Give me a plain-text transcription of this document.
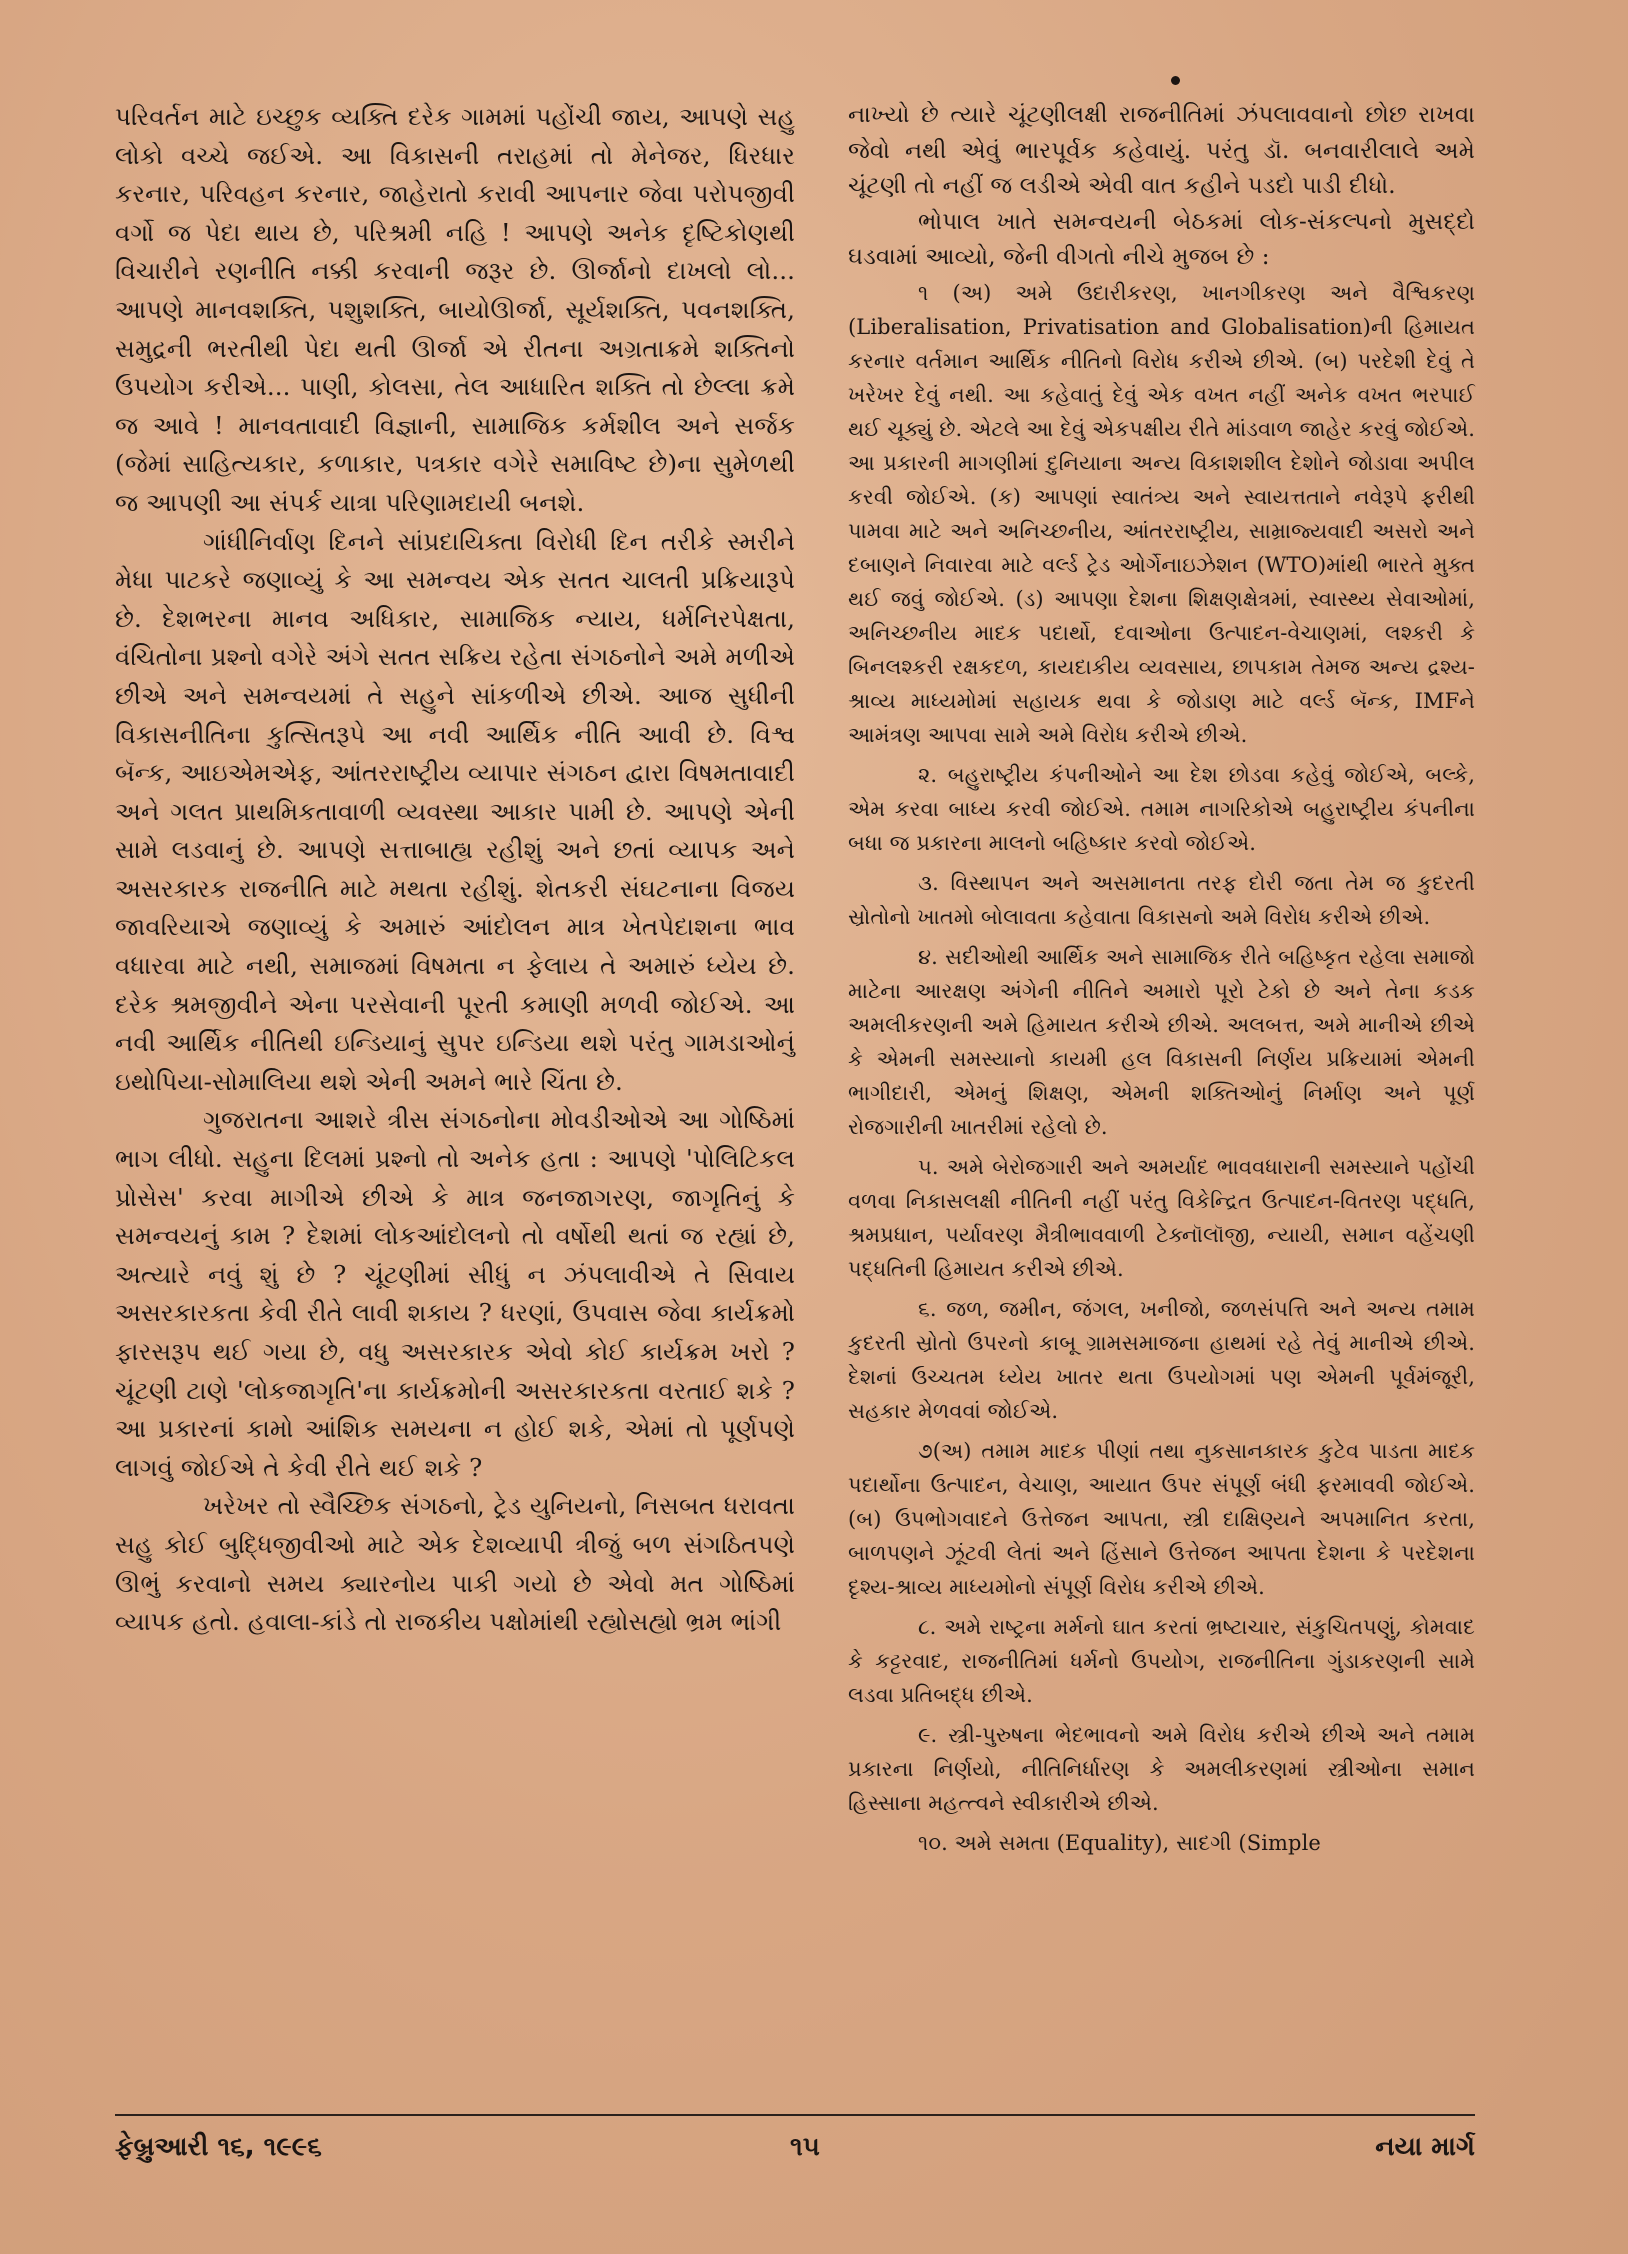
પરિવર્તન માટે ઇચ્છુક વ્યક્તિ દરેક ગામમાં પહોંચી જાય, આપણે સહુ લોકો વચ્ચે જઈએ. આ વિકાસની તરાહમાં તો મેનેજર, ધિરધાર કરનાર, પરિવહન કરનાર, જાહેરાતો કરાવી આપનાર જેવા પરોપજીવી વર્ગો જ પેદા થાય છે, પરિશ્રમી નહિ ! આપણે અનેક દૃષ્ટિકોણથી વિચારીને રણનીતિ નક્કી કરવાની જરૂર છે. ઊર્જાનો દાખલો લો... આપણે માનવશક્તિ, પશુશક્તિ, બાયોઊર્જા, સૂર્યશક્તિ, પવનશક્તિ, સમુદ્રની ભરતીથી પેદા થતી ઊર્જા એ રીતના અગ્રતાક્રમે શક્તિનો ઉપયોગ કરીએ... પાણી, કોલસા, તેલ આધારિત શક્તિ તો છેલ્લા ક્રમે જ આવે ! માનવતાવાદી વિજ્ઞાની, સામાજિક કર્મશીલ અને સર્જક (જેમાં સાહિત્યકાર, કળાકાર, પત્રકાર વગેરે સમાવિષ્ટ છે)ના સુમેળથી જ આપણી આ સંપર્ક યાત્રા પરિણામદાયી બનશે.

ગાંધીનિર્વાણ દિનને સાંપ્રદાયિક્તા વિરોધી દિન તરીકે સ્મરીને મેધા પાટકરે જણાવ્યું કે આ સમન્વય એક સતત ચાલતી પ્રક્રિયારૂપે છે. દેશભરના માનવ અધિકાર, સામાજિક ન્યાય, ધર્મનિરપેક્ષતા, વંચિતોના પ્રશ્નો વગેરે અંગે સતત સક્રિય રહેતા સંગઠનોને અમે મળીએ છીએ અને સમન્વયમાં તે સહુને સાંકળીએ છીએ. આજ સુધીની વિકાસનીતિના કુત્સિતરૂપે આ નવી આર્થિક નીતિ આવી છે. વિશ્વ બૅન્ક, આઇએમએફ, આંતરરાષ્ટ્રીય વ્યાપાર સંગઠન દ્વારા વિષમતાવાદી અને ગલત પ્રાથમિકતાવાળી વ્યવસ્થા આકાર પામી છે. આપણે એની સામે લડવાનું છે. આપણે સત્તાબાહ્ય રહીશું અને છતાં વ્યાપક અને અસરકારક રાજનીતિ માટે મથતા રહીશું. શેતકરી સંઘટનાના વિજય જાવરિયાએ જણાવ્યું કે અમારું આંદોલન માત્ર ખેતપેદાશના ભાવ વધારવા માટે નથી, સમાજમાં વિષમતા ન ફેલાય તે અમારું ધ્યેય છે. દરેક શ્રમજીવીને એના પરસેવાની પૂરતી કમાણી મળવી જોઈએ. આ નવી આર્થિક નીતિથી ઇન્ડિયાનું સુપર ઇન્ડિયા થશે પરંતુ ગામડાઓનું ઇથોપિયા-સોમાલિયા થશે એની અમને ભારે ચિંતા છે.

ગુજરાતના આશરે ત્રીસ સંગઠનોના મોવડીઓએ આ ગોષ્ઠિમાં ભાગ લીધો. સહુના દિલમાં પ્રશ્નો તો અનેક હતા : આપણે 'પોલિટિકલ પ્રોસેસ' કરવા માગીએ છીએ કે માત્ર જનજાગરણ, જાગૃતિનું કે સમન્વયનું કામ ? દેશમાં લોકઆંદોલનો તો વર્ષોથી થતાં જ રહ્યાં છે, અત્યારે નવું શું છે ? ચૂંટણીમાં સીધું ન ઝંપલાવીએ તે સિવાય અસરકારકતા કેવી રીતે લાવી શકાય ? ધરણાં, ઉપવાસ જેવા કાર્યક્રમો ફારસરૂપ થઈ ગયા છે, વધુ અસરકારક એવો કોઈ કાર્યક્રમ ખરો ? ચૂંટણી ટાણે 'લોકજાગૃતિ'ના કાર્યક્રમોની અસરકારકતા વરતાઈ શકે ? આ પ્રકારનાં કામો આંશિક સમયના ન હોઈ શકે, એમાં તો પૂર્ણપણે લાગવું જોઈએ તે કેવી રીતે થઈ શકે ?

ખરેખર તો સ્વૈચ્છિક સંગઠનો, ટ્રેડ યુનિયનો, નિસબત ધરાવતા સહુ કોઈ બુદ્ધિજીવીઓ માટે એક દેશવ્યાપી ત્રીજું બળ સંગઠિતપણે ઊભું કરવાનો સમય ક્યારનોય પાકી ગયો છે એવો મત ગોષ્ઠિમાં વ્યાપક હતો. હવાલા-કાંડે તો રાજકીય પક્ષોમાંથી રહ્યોસહ્યો ભ્રમ ભાંગી

નાખ્યો છે ત્યારે ચૂંટણીલક્ષી રાજનીતિમાં ઝંપલાવવાનો છોછ રાખવા જેવો નથી એવું ભારપૂર્વક કહેવાયું. પરંતુ ડૉ. બનવારીલાલે અમે ચૂંટણી તો નહીં જ લડીએ એવી વાત કહીને પડદો પાડી દીધો.

ભોપાલ ખાતે સમન્વયની બેઠકમાં લોક-સંકલ્પનો મુસદ્દો ઘડવામાં આવ્યો, જેની વીગતો નીચે મુજબ છે :

૧ (અ) અમે ઉદારીકરણ, ખાનગીકરણ અને વૈશ્વિકરણ (Liberalisation, Privatisation and Globalisation)ની હિમાયત કરનાર વર્તમાન આર્થિક નીતિનો વિરોધ કરીએ છીએ. (બ) પરદેશી દેવું તે ખરેખર દેવું નથી. આ કહેવાતું દેવું એક વખત નહીં અનેક વખત ભરપાઈ થઈ ચૂક્યું છે. એટલે આ દેવું એકપક્ષીય રીતે માંડવાળ જાહેર કરવું જોઈએ. આ પ્રકારની માગણીમાં દુનિયાના અન્ય વિકાશશીલ દેશોને જોડાવા અપીલ કરવી જોઈએ. (ક) આપણાં સ્વાતંત્ર્ય અને સ્વાયત્તતાને નવેરૂપે ફરીથી પામવા માટે અને અનિચ્છનીય, આંતરરાષ્ટ્રીય, સામ્રાજ્યવાદી અસરો અને દબાણને નિવારવા માટે વર્લ્ડ ટ્રેડ ઓર્ગેનાઇઝેશન (WTO)માંથી ભારતે મુક્ત થઈ જવું જોઈએ. (ડ) આપણા દેશના શિક્ષણક્ષેત્રમાં, સ્વાસ્થ્ય સેવાઓમાં, અનિચ્છનીય માદક પદાર્થો, દવાઓના ઉત્પાદન-વેચાણમાં, લશ્કરી કે બિનલશ્કરી રક્ષકદળ, કાયદાકીય વ્યવસાય, છાપકામ તેમજ અન્ય દ્રશ્ય-શ્રાવ્ય માધ્યમોમાં સહાયક થવા કે જોડાણ માટે વર્લ્ડ બૅન્ક, IMFને આમંત્રણ આપવા સામે અમે વિરોધ કરીએ છીએ.

૨. બહુરાષ્ટ્રીય કંપનીઓને આ દેશ છોડવા કહેવું જોઈએ, બલ્કે, એમ કરવા બાધ્ય કરવી જોઈએ. તમામ નાગરિકોએ બહુરાષ્ટ્રીય કંપનીના બધા જ પ્રકારના માલનો બહિષ્કાર કરવો જોઈએ.

૩. વિસ્થાપન અને અસમાનતા તરફ દોરી જતા તેમ જ કુદરતી સ્રોતોનો ખાતમો બોલાવતા કહેવાતા વિકાસનો અમે વિરોધ કરીએ છીએ.

૪. સદીઓથી આર્થિક અને સામાજિક રીતે બહિષ્કૃત રહેલા સમાજો માટેના આરક્ષણ અંગેની નીતિને અમારો પૂરો ટેકો છે અને તેના કડક અમલીકરણની અમે હિમાયત કરીએ છીએ. અલબત્ત, અમે માનીએ છીએ કે એમની સમસ્યાનો કાયમી હલ વિકાસની નિર્ણય પ્રક્રિયામાં એમની ભાગીદારી, એમનું શિક્ષણ, એમની શક્તિઓનું નિર્માણ અને પૂર્ણ રોજગારીની ખાતરીમાં રહેલો છે.

૫. અમે બેરોજગારી અને અમર્યાદ ભાવવધારાની સમસ્યાને પહોંચી વળવા નિકાસલક્ષી નીતિની નહીં પરંતુ વિકેન્દ્રિત ઉત્પાદન-વિતરણ પદ્ધતિ, શ્રમપ્રધાન, પર્યાવરણ મૈત્રીભાવવાળી ટેક્નૉલૉજી, ન્યાયી, સમાન વહેંચણી પદ્ધતિની હિમાયત કરીએ છીએ.

૬. જળ, જમીન, જંગલ, ખનીજો, જળસંપત્તિ અને અન્ય તમામ કુદરતી સ્રોતો ઉપરનો કાબૂ ગ્રામસમાજના હાથમાં રહે તેવું માનીએ છીએ. દેશનાં ઉચ્ચતમ ધ્યેય ખાતર થતા ઉપયોગમાં પણ એમની પૂર્વમંજૂરી, સહકાર મેળવવાં જોઈએ.

૭(અ) તમામ માદક પીણાં તથા નુકસાનકારક કુટેવ પાડતા માદક પદાર્થોના ઉત્પાદન, વેચાણ, આયાત ઉપર સંપૂર્ણ બંધી ફરમાવવી જોઈએ. (બ) ઉપભોગવાદને ઉત્તેજન આપતા, સ્ત્રી દાક્ષિણ્યને અપમાનિત કરતા, બાળપણને ઝૂંટવી લેતાં અને હિંસાને ઉત્તેજન આપતા દેશના કે પરદેશના દૃશ્ય-શ્રાવ્ય માધ્યમોનો સંપૂર્ણ વિરોધ કરીએ છીએ.

૮. અમે રાષ્ટ્રના મર્મનો ઘાત કરતાં ભ્રષ્ટાચાર, સંકુચિતપણું, કોમવાદ કે કટ્ટરવાદ, રાજનીતિમાં ધર્મનો ઉપયોગ, રાજનીતિના ગુંડાકરણની સામે લડવા પ્રતિબદ્ધ છીએ.

૯. સ્ત્રી-પુરુષના ભેદભાવનો અમે વિરોધ કરીએ છીએ અને તમામ પ્રકારના નિર્ણયો, નીતિનિર્ધારણ કે અમલીકરણમાં સ્ત્રીઓના સમાન હિસ્સાના મહત્ત્વને સ્વીકારીએ છીએ.

૧૦. અમે સમતા (Equality), સાદગી (Simple

ફેબ્રુઆરી ૧૬, ૧૯૯૬	૧૫	નયા માર્ગ
